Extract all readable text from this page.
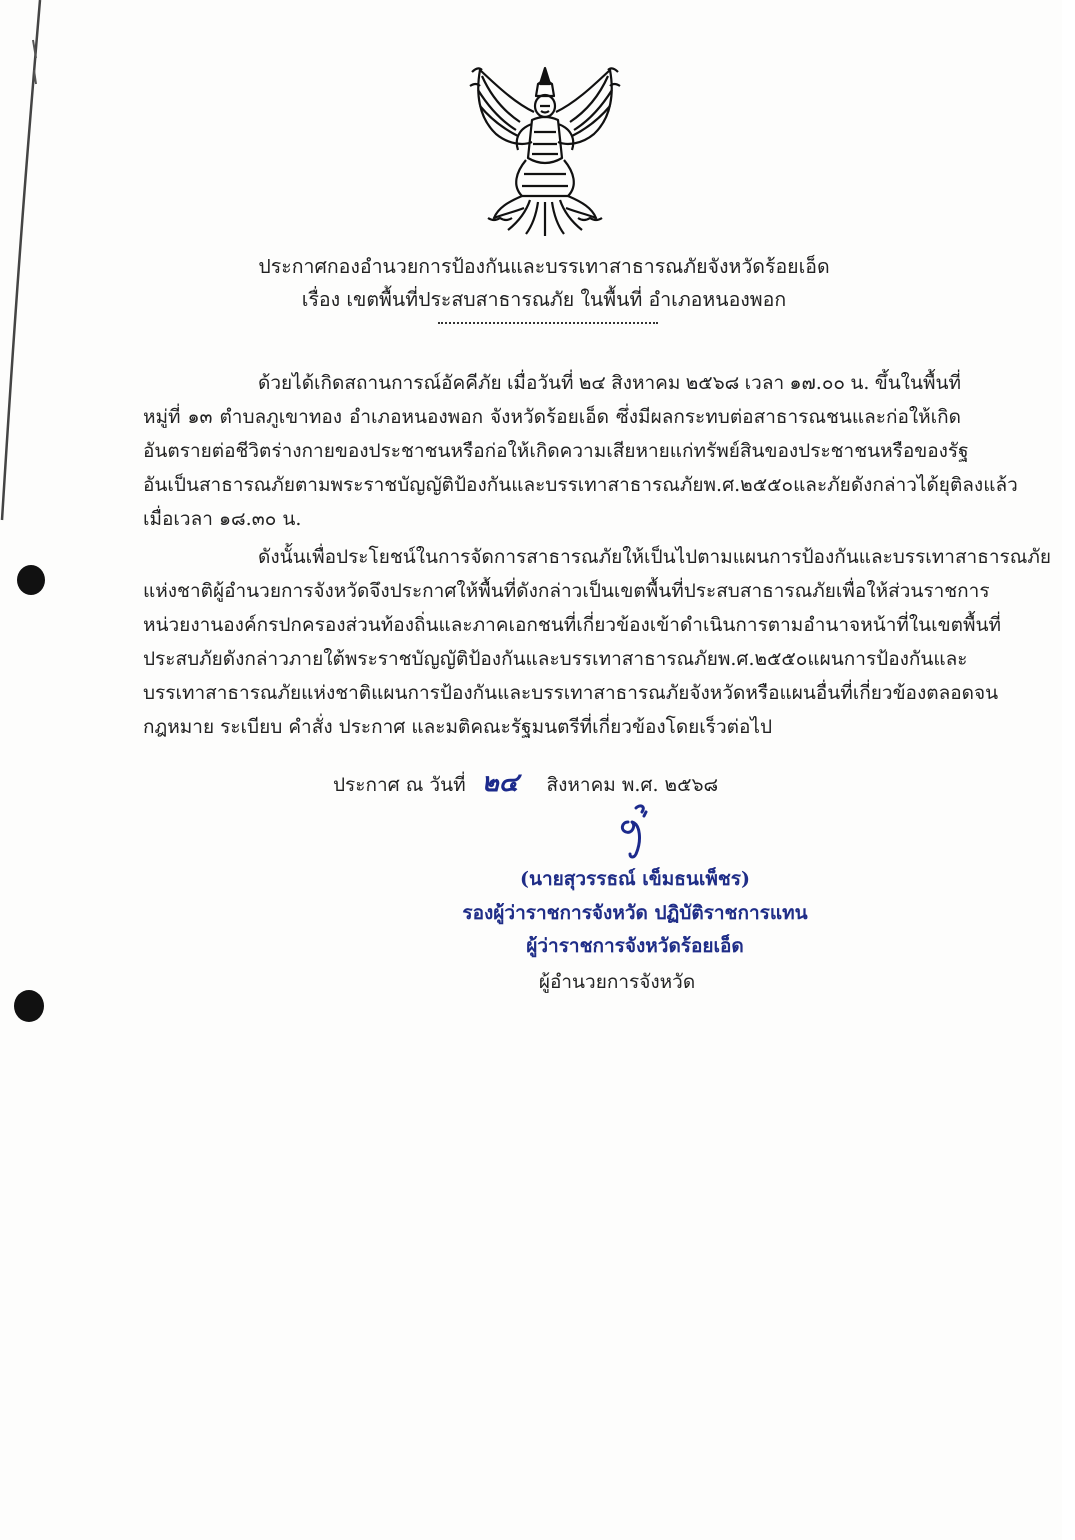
ประกาศกองอำนวยการป้องกันและบรรเทาสาธารณภัยจังหวัดร้อยเอ็ด
เรื่อง เขตพื้นที่ประสบสาธารณภัย ในพื้นที่ อำเภอหนองพอก
ด้วยได้เกิดสถานการณ์อัคคีภัย เมื่อวันที่ ๒๔ สิงหาคม ๒๕๖๘ เวลา ๑๗.๐๐ น. ขึ้นในพื้นที่
หมู่ที่ ๑๓ ตำบลภูเขาทอง อำเภอหนองพอก จังหวัดร้อยเอ็ด ซึ่งมีผลกระทบต่อสาธารณชนและก่อให้เกิด
อันตรายต่อชีวิต ร่างกายของประชาชน หรือก่อให้เกิดความเสียหายแก่ทรัพย์สินของประชาชน หรือของรัฐ
อันเป็นสาธารณภัยตามพระราชบัญญัติป้องกันและบรรเทาสาธารณภัย พ.ศ. ๒๕๕๐ และภัยดังกล่าวได้ยุติลงแล้ว
เมื่อเวลา ๑๘.๓๐ น.
ดังนั้น เพื่อประโยชน์ในการจัดการสาธารณภัยให้เป็นไปตามแผนการป้องกันและบรรเทาสาธารณภัย
แห่งชาติ ผู้อำนวยการจังหวัด จึงประกาศให้พื้นที่ดังกล่าวเป็นเขตพื้นที่ประสบสาธารณภัย เพื่อให้ส่วนราชการ
หน่วยงาน องค์กรปกครองส่วนท้องถิ่น และภาคเอกชนที่เกี่ยวข้อง เข้าดำเนินการตามอำนาจหน้าที่ในเขตพื้นที่
ประสบภัยดังกล่าว ภายใต้พระราชบัญญัติป้องกันและบรรเทาสาธารณภัย พ.ศ. ๒๕๕๐ แผนการป้องกันและ
บรรเทาสาธารณภัยแห่งชาติ แผนการป้องกันและบรรเทาสาธารณภัยจังหวัดหรือแผนอื่นที่เกี่ยวข้อง ตลอดจน
กฎหมาย ระเบียบ คำสั่ง ประกาศ และมติคณะรัฐมนตรีที่เกี่ยวข้องโดยเร็วต่อไป
ประกาศ ณ วันที่ ๒๔ สิงหาคม พ.ศ. ๒๕๖๘
(นายสุวรรธณ์ เข็มธนเพ็ชร)
รองผู้ว่าราชการจังหวัด ปฏิบัติราชการแทน
ผู้ว่าราชการจังหวัดร้อยเอ็ด
ผู้อำนวยการจังหวัด
